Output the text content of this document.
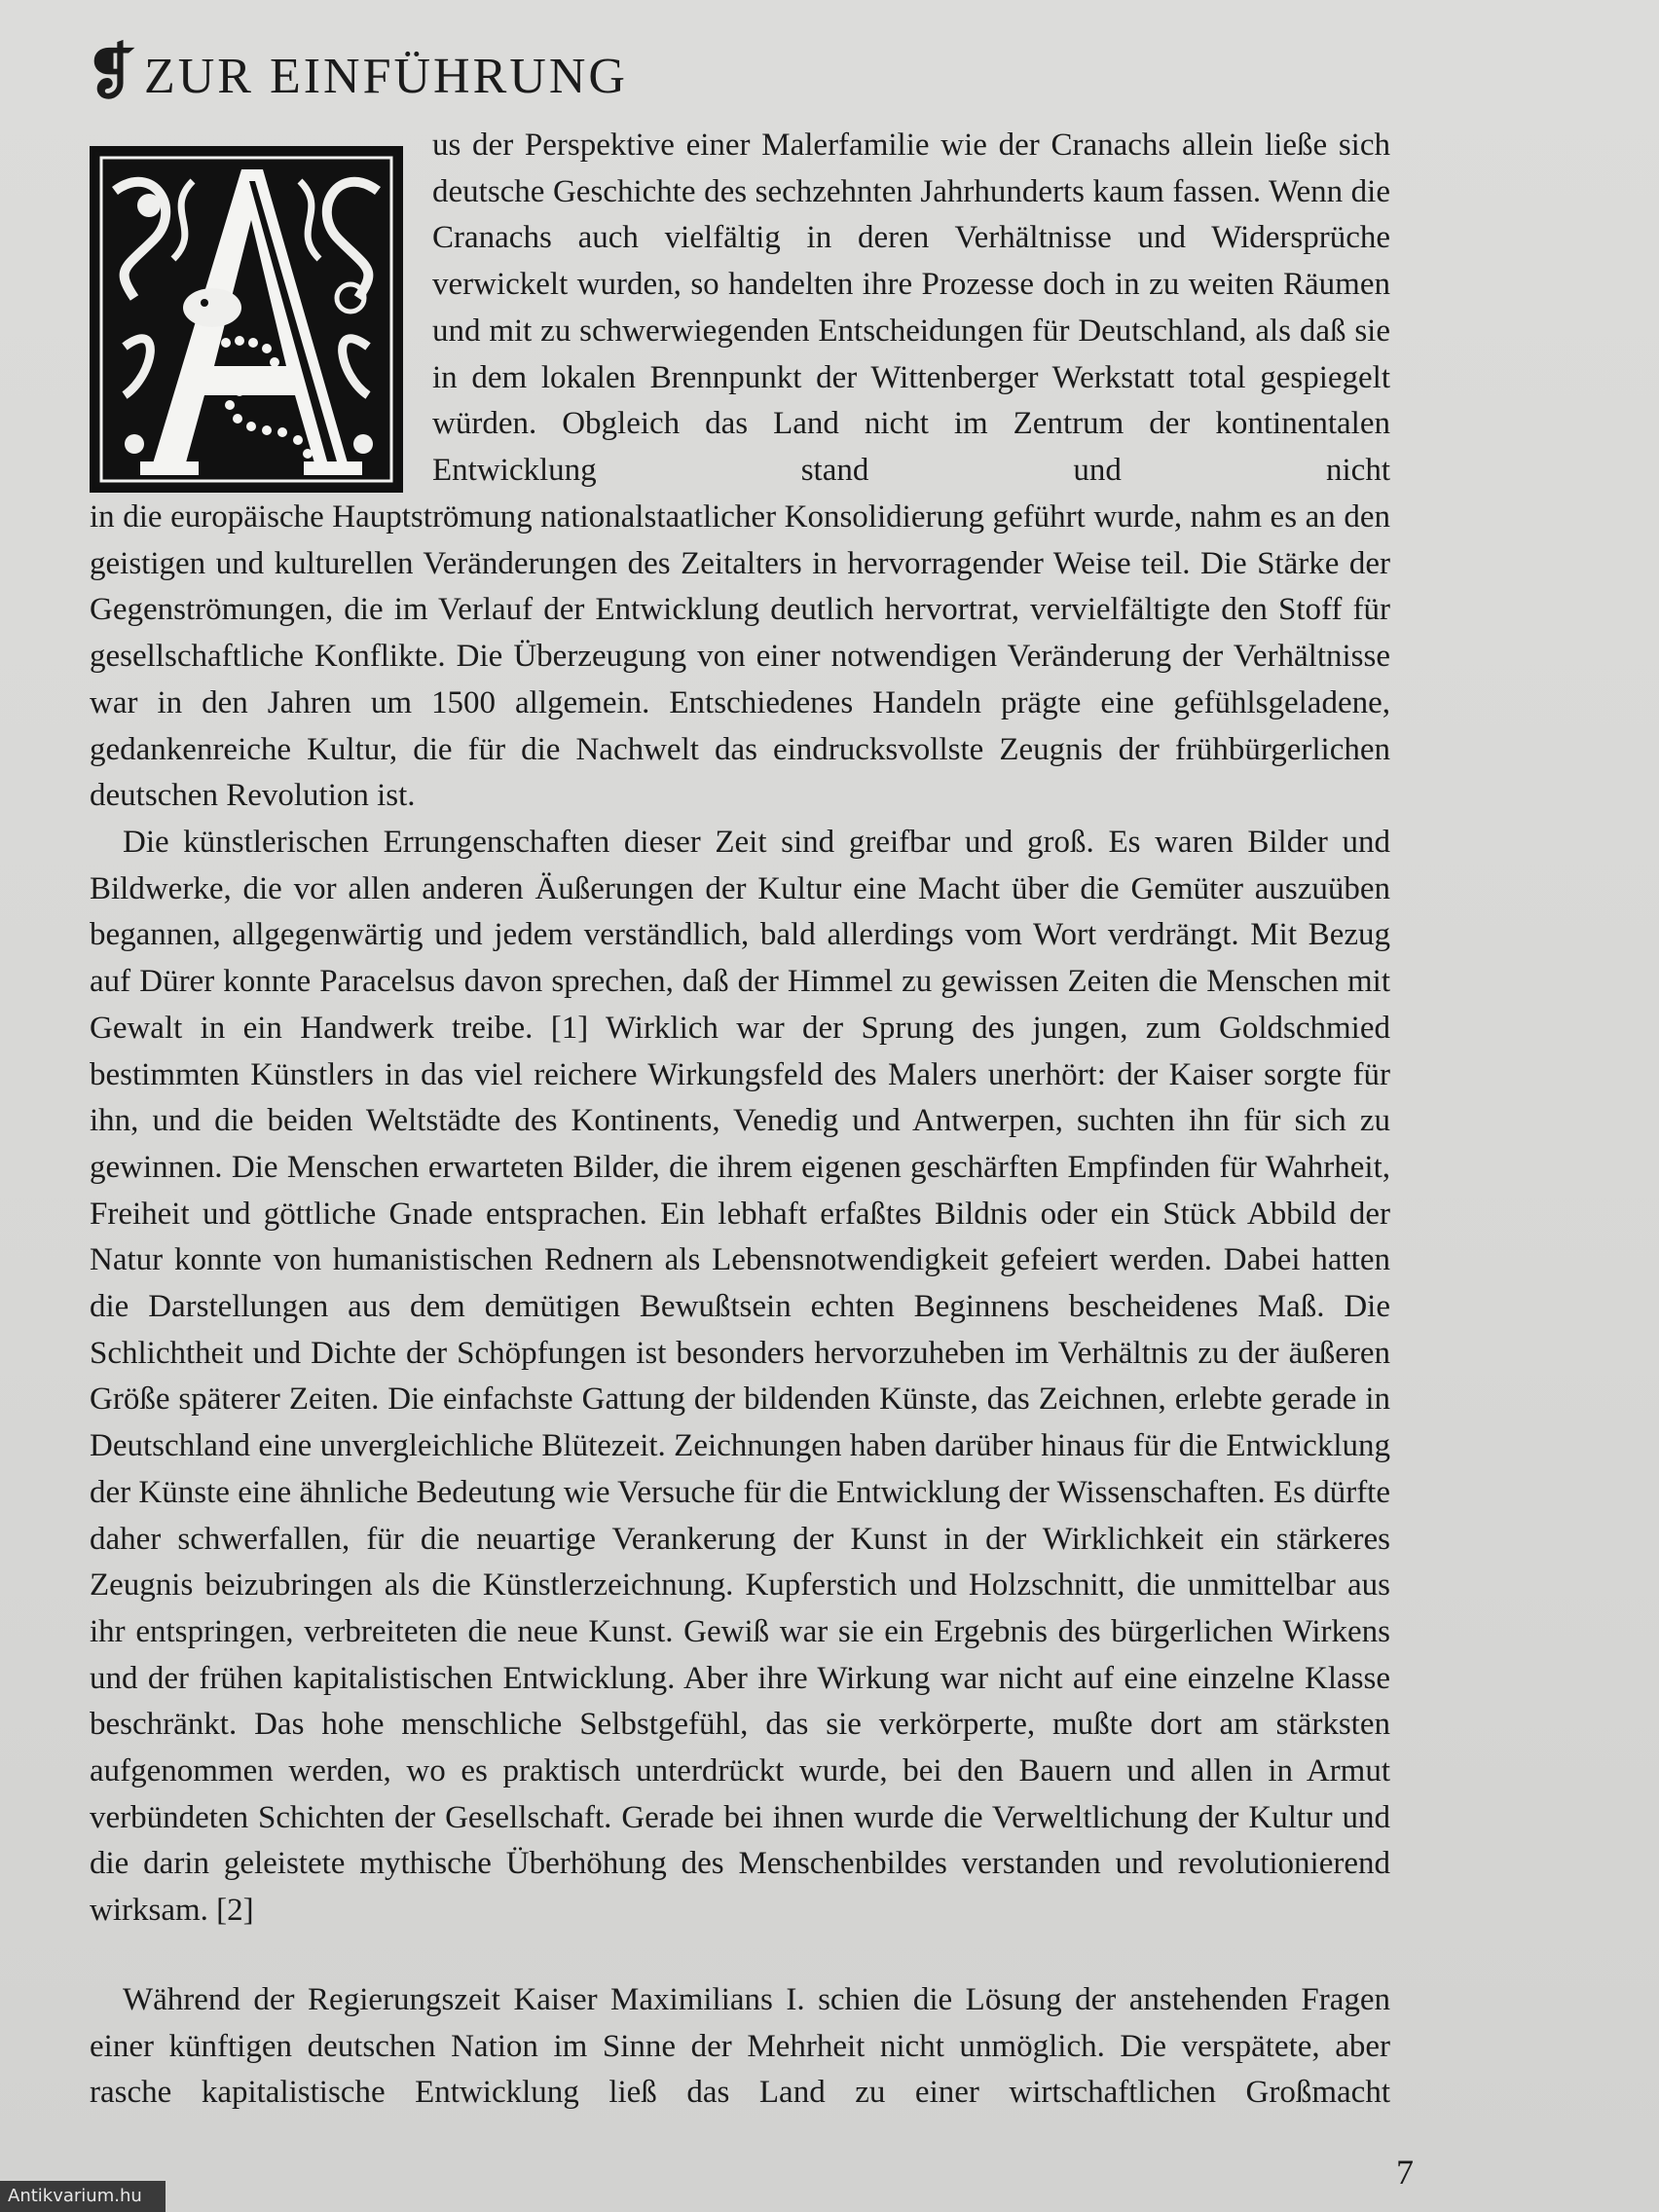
❡ ZUR EINFÜHRUNG

us der Perspektive einer Malerfamilie wie der Cranachs allein ließe sich deutsche Geschichte des sechzehnten Jahrhunderts kaum fassen. Wenn die Cranachs auch vielfältig in deren Verhältnisse und Widersprüche verwickelt wurden, so handelten ihre Prozesse doch in zu weiten Räumen und mit zu schwerwiegenden Entscheidungen für Deutschland, als daß sie in dem lokalen Brennpunkt der Wittenberger Werkstatt total gespiegelt würden. Obgleich das Land nicht im Zentrum der kontinentalen Entwicklung stand und nicht

in die europäische Hauptströmung nationalstaatlicher Konsolidierung geführt wurde, nahm es an den geistigen und kulturellen Veränderungen des Zeitalters in hervorragender Weise teil. Die Stärke der Gegenströmungen, die im Verlauf der Entwicklung deutlich hervortrat, vervielfältigte den Stoff für gesellschaftliche Konflikte. Die Überzeugung von einer notwendigen Veränderung der Verhältnisse war in den Jahren um 1500 allgemein. Entschiedenes Handeln prägte eine gefühlsgeladene, gedankenreiche Kultur, die für die Nachwelt das eindrucksvollste Zeugnis der frühbürgerlichen deutschen Revolution ist.

Die künstlerischen Errungenschaften dieser Zeit sind greifbar und groß. Es waren Bilder und Bildwerke, die vor allen anderen Äußerungen der Kultur eine Macht über die Gemüter auszuüben begannen, allgegenwärtig und jedem verständlich, bald allerdings vom Wort verdrängt. Mit Bezug auf Dürer konnte Paracelsus davon sprechen, daß der Himmel zu gewissen Zeiten die Menschen mit Gewalt in ein Handwerk treibe. [1] Wirklich war der Sprung des jungen, zum Goldschmied bestimmten Künstlers in das viel reichere Wirkungsfeld des Malers unerhört: der Kaiser sorgte für ihn, und die beiden Weltstädte des Kontinents, Venedig und Antwerpen, suchten ihn für sich zu gewinnen. Die Menschen erwarteten Bilder, die ihrem eigenen geschärften Empfinden für Wahrheit, Freiheit und göttliche Gnade entsprachen. Ein lebhaft erfaßtes Bildnis oder ein Stück Abbild der Natur konnte von humanistischen Rednern als Lebensnotwendigkeit gefeiert werden. Dabei hatten die Darstellungen aus dem demütigen Bewußtsein echten Beginnens bescheidenes Maß. Die Schlichtheit und Dichte der Schöpfungen ist besonders hervorzuheben im Verhältnis zu der äußeren Größe späterer Zeiten. Die einfachste Gattung der bildenden Künste, das Zeichnen, erlebte gerade in Deutschland eine unvergleichliche Blütezeit. Zeichnungen haben darüber hinaus für die Entwicklung der Künste eine ähnliche Bedeutung wie Versuche für die Entwicklung der Wissenschaften. Es dürfte daher schwerfallen, für die neuartige Verankerung der Kunst in der Wirklichkeit ein stärkeres Zeugnis beizubringen als die Künstlerzeichnung. Kupferstich und Holzschnitt, die unmittelbar aus ihr entspringen, verbreiteten die neue Kunst. Gewiß war sie ein Ergebnis des bürgerlichen Wirkens und der frühen kapitalistischen Entwicklung. Aber ihre Wirkung war nicht auf eine einzelne Klasse beschränkt. Das hohe menschliche Selbstgefühl, das sie verkörperte, mußte dort am stärksten aufgenommen werden, wo es praktisch unterdrückt wurde, bei den Bauern und allen in Armut verbündeten Schichten der Gesellschaft. Gerade bei ihnen wurde die Verweltlichung der Kultur und die darin geleistete mythische Überhöhung des Menschenbildes verstanden und revolutionierend wirksam. [2]

Während der Regierungszeit Kaiser Maximilians I. schien die Lösung der anstehenden Fragen einer künftigen deutschen Nation im Sinne der Mehrheit nicht unmöglich. Die verspätete, aber rasche kapitalistische Entwicklung ließ das Land zu einer wirtschaftlichen Großmacht

7
Antikvarium.hu
